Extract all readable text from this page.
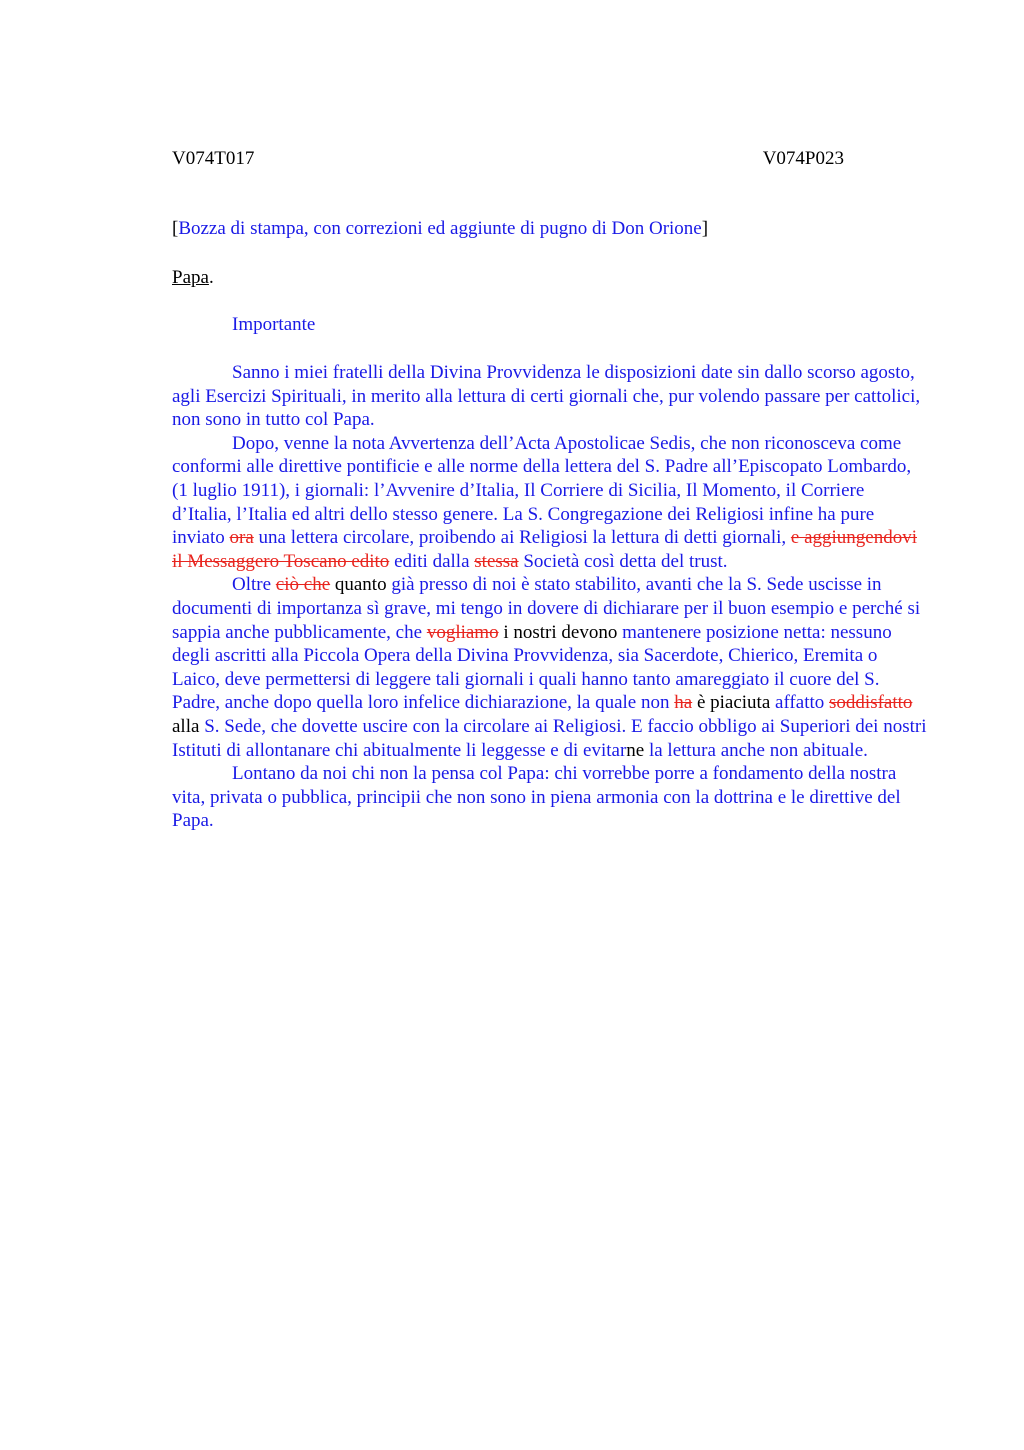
V074T017	V074P023
[Bozza di stampa, con correzioni ed aggiunte di pugno di Don Orione]
Papa.
Importante

Sanno i miei fratelli della Divina Provvidenza le disposizioni date sin dallo scorso agosto, agli Esercizi Spirituali, in merito alla lettura di certi giornali che, pur volendo passare per cattolici, non sono in tutto col Papa.

Dopo, venne la nota Avvertenza dell’Acta Apostolicae Sedis, che non riconosceva come conformi alle direttive pontificie e alle norme della lettera del S. Padre all’Episcopato Lombardo, (1 luglio 1911), i giornali: l’Avvenire d’Italia, Il Corriere di Sicilia, Il Momento, il Corriere d’Italia, l’Italia ed altri dello stesso genere. La S. Congregazione dei Religiosi infine ha pure inviato ora una lettera circolare, proibendo ai Religiosi la lettura di detti giornali, e aggiungendovi il Messaggero Toscano edito editi dalla stessa Società così detta del trust.

Oltre ciò che quanto già presso di noi è stato stabilito, avanti che la S. Sede uscisse in documenti di importanza sì grave, mi tengo in dovere di dichiarare per il buon esempio e perché si sappia anche pubblicamente, che vogliamo i nostri devono mantenere posizione netta: nessuno degli ascritti alla Piccola Opera della Divina Provvidenza, sia Sacerdote, Chierico, Eremita o Laico, deve permettersi di leggere tali giornali i quali hanno tanto amareggiato il cuore del S. Padre, anche dopo quella loro infelice dichiarazione, la quale non ha è piaciuta affatto soddisfatto alla S. Sede, che dovette uscire con la circolare ai Religiosi. E faccio obbligo ai Superiori dei nostri Istituti di allontanare chi abitualmente li leggesse e di evitarne la lettura anche non abituale.

Lontano da noi chi non la pensa col Papa: chi vorrebbe porre a fondamento della nostra vita, privata o pubblica, principii che non sono in piena armonia con la dottrina e le direttive del Papa.
